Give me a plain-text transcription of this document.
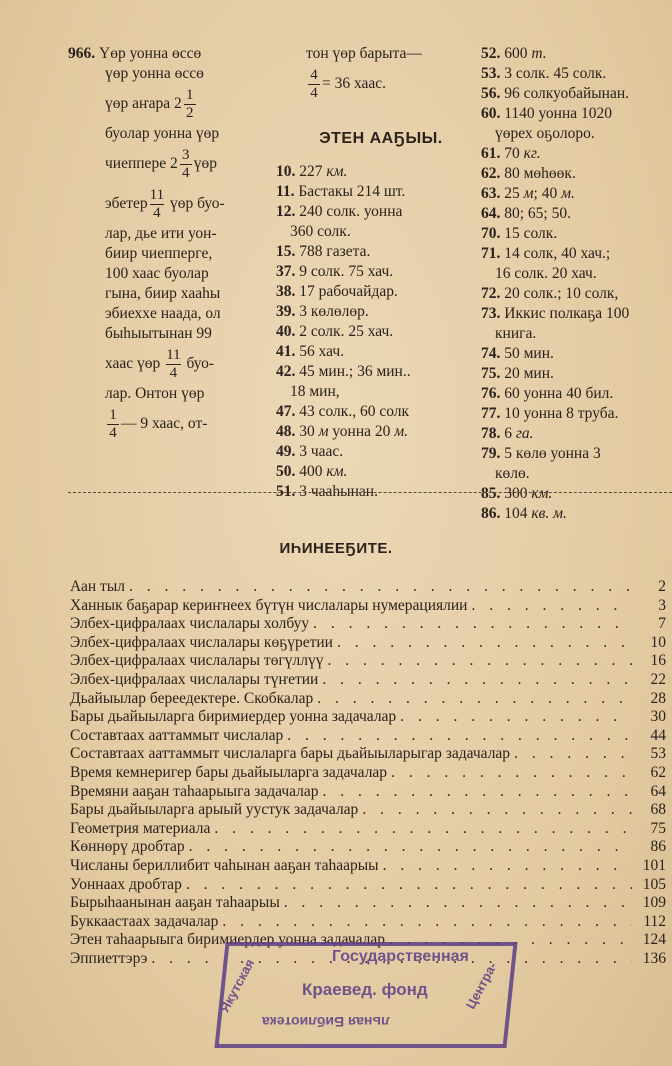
966. Үөр уонна өссө
үөр уонна өссө
үөр аҥара $2 \frac{1}{2}$
буолар уонна үөр
чиеппере $2 \frac{3}{4}$ үөр
эбетер $\frac{11}{4}$ үөр буо-
лар, дье ити уон-
биир чиепперге,
100 хаас буолар
гына, биир хааһы
эбиехxе наада, ол
быһыытынан 99
хаас үөр $\frac{11}{4} буо-$
лар. Онтон үөр
$\frac{1}{4}$ — 9 хаас, от-
тон үөр барыта—
$\frac{4}{4} = 36$ хаас.
ЭТЕН ААҔЫЫ.
10. 227 км.
11. Бастакы 214 шт.
12. 240 солк. уонна
360 солк.
15. 788 газета.
37. 9 солк. 75 хач.
38. 17 рабочайдар.
39. 3 көлөлөр.
40. 2 солк. 25 хач.
41. 56 хач.
42. 45 мин.; 36 мин..
18 мин,
47. 43 солк., 60 солк
48. 30 м уонна 20 м.
49. 3 чаас.
50. 400 км.
51. 3 чааһынан.
52. 600 т.
53. 3 солк. 45 солк.
56. 96 солкуобайынан.
60. 1140 уонна 1020
үөрех оҕолоро.
61. 70 кг.
62. 80 мөһөөк.
63. 25 м; 40 м.
64. 80; 65; 50.
70. 15 солк.
71. 14 солк, 40 хач.;
16 солк. 20 хач.
72. 20 солк.; 10 солк,
73. Иккис полкаҕа 100
книга.
74. 50 мин.
75. 20 мин.
76. 60 уонна 40 бил.
77. 10 уонна 8 труба.
78. 6 га.
79. 5 көлө уонна 3
көлө.
85. 300 км.
86. 104 кв. м.
ИҺИНЕЕҔИТЕ.
Аан тыл . . .	2
Ханнык баҕарар кериҥнеех бүтүн числалары нумерациялии . . .	3
Элбех-цифралаах числалары холбуу . . .	7
Элбех-цифралаах числалары көҕүретии . . .	10
Элбех-цифралаах числалары төгүллүү . . .	16
Элбех-цифралаах числалары түҥетии . . .	22
Дьайыылар береедектере. Скобкалар . . .	28
Бары дьайыыларга биримиердер уонна задачалар . . .	30
Составтаах ааттаммыт числалар . . .	44
Составтаах ааттаммыт числаларга бары дьайыыларыгар задачалар . . .	53
Время кемнеригер бары дьайыыларга задачалар . . .	62
Времяни ааҕан таһаарыыга задачалар . . .	64
Бары дьайыыларга арыый уустук задачалар . . .	68
Геометрия материала . . .	75
Көннөрү дробтар . . .	86
Числаны бериллибит чаһынан ааҕан таһаарыы . . .	101
Уоннаах дробтар . . .	105
Бырыһаанынан ааҕан таһаарыы . . .	109
Буккаастаах задачалар . . .	112
Этен таһаарыыга биримиердер уонна задачалар . . .	124
Эппиеттэрэ . . .	136
Государственная
Краевед. фонд
льная Библиотека
Якутская	Центра-
